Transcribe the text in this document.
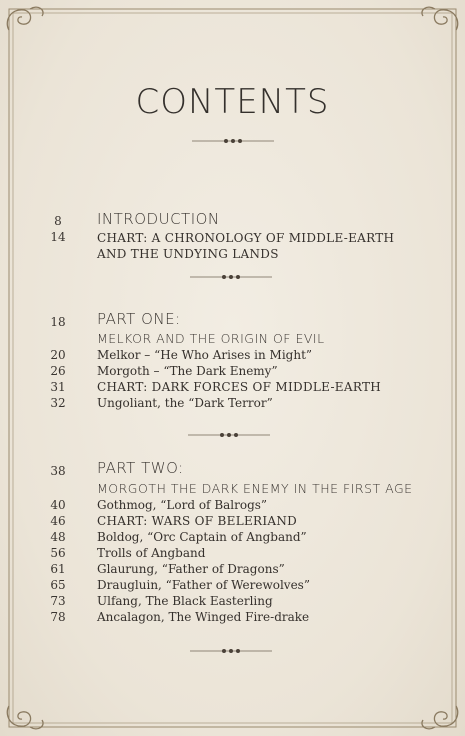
CONTENTS
8	INTRODUCTION
14	CHART: A CHRONOLOGY OF MIDDLE-EARTH AND THE UNDYING LANDS
18	PART ONE:
MELKOR AND THE ORIGIN OF EVIL
20	Melkor – “He Who Arises in Might”
26	Morgoth – “The Dark Enemy”
31	CHART: DARK FORCES OF MIDDLE-EARTH
32	Ungoliant, the “Dark Terror”
38	PART TWO:
MORGOTH THE DARK ENEMY IN THE FIRST AGE
40	Gothmog, “Lord of Balrogs”
46	CHART: WARS OF BELERIAND
48	Boldog, “Orc Captain of Angband”
56	Trolls of Angband
61	Glaurung, “Father of Dragons”
65	Draugluin, “Father of Werewolves”
73	Ulfang, The Black Easterling
78	Ancalagon, The Winged Fire-drake
